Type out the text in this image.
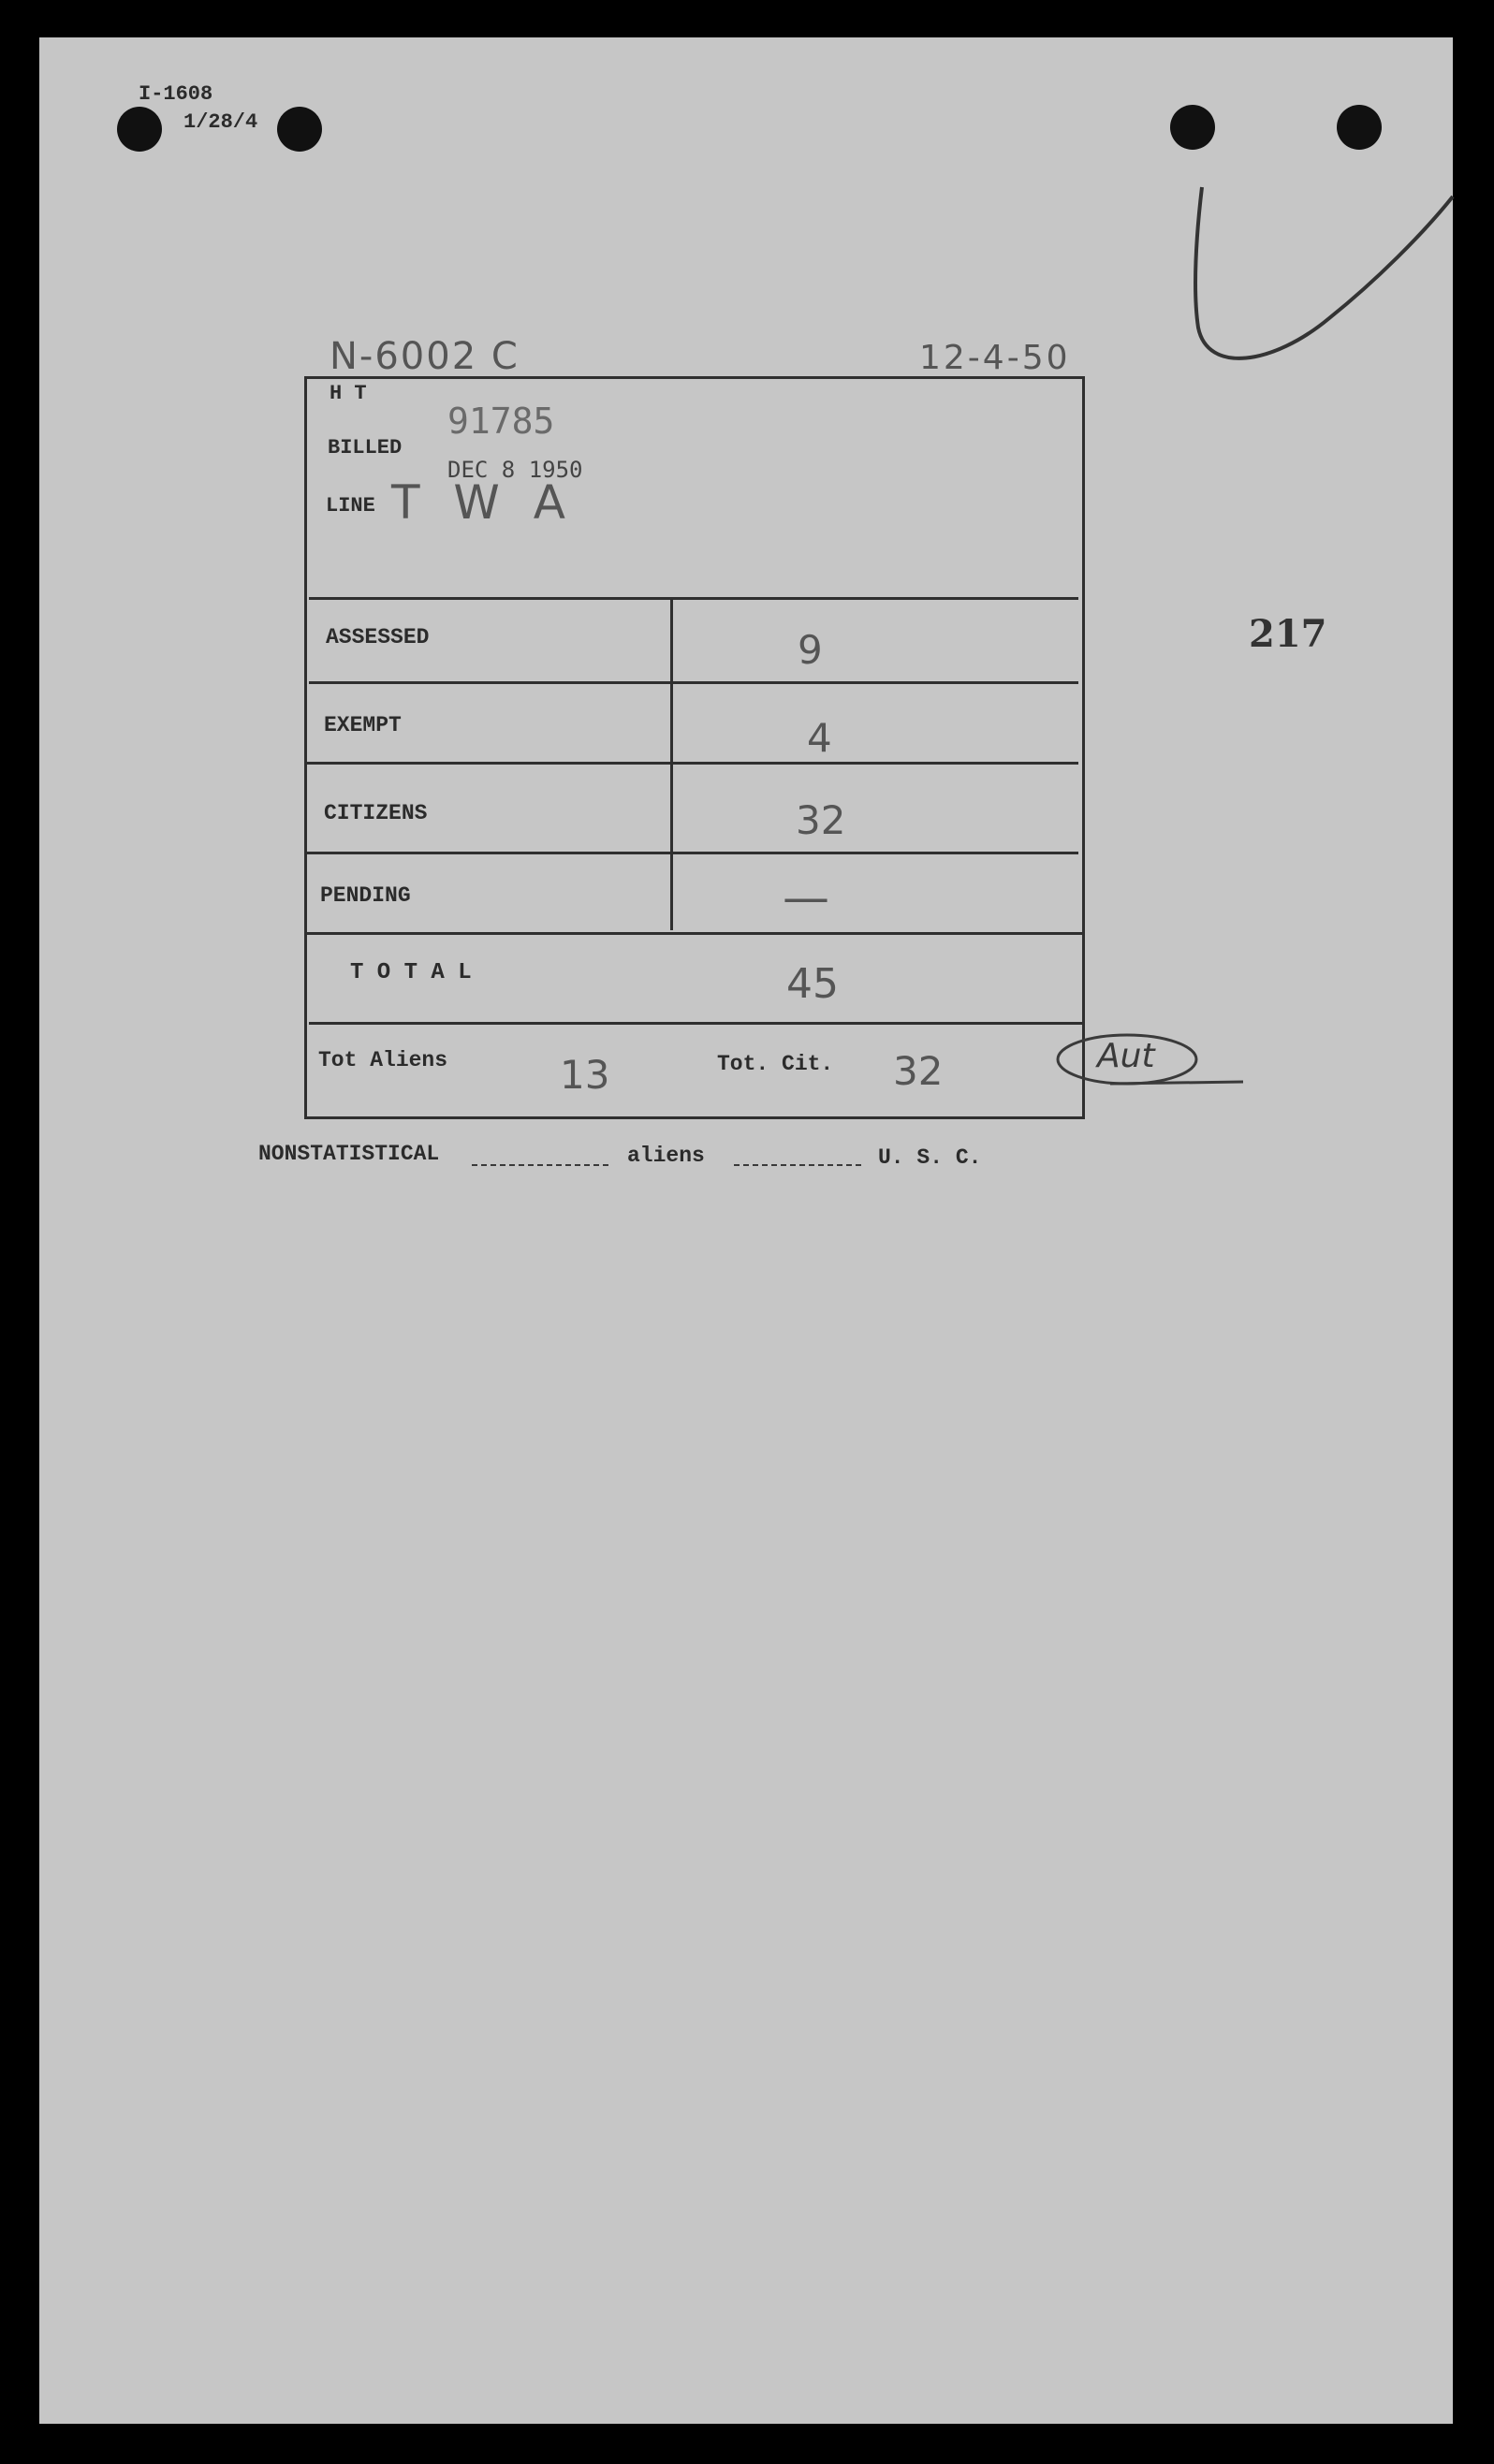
I-1608
1/28/4
N-6002 C	12-4-50
217
H T
BILLED
91785
DEC 8 1950
LINE T W A
ASSESSED	9
EXEMPT	4
CITIZENS	32
PENDING	—
T O T A L	45
Tot Aliens	13	Tot. Cit. 32	Aut
NONSTATISTICAL	aliens	U. S. C.
